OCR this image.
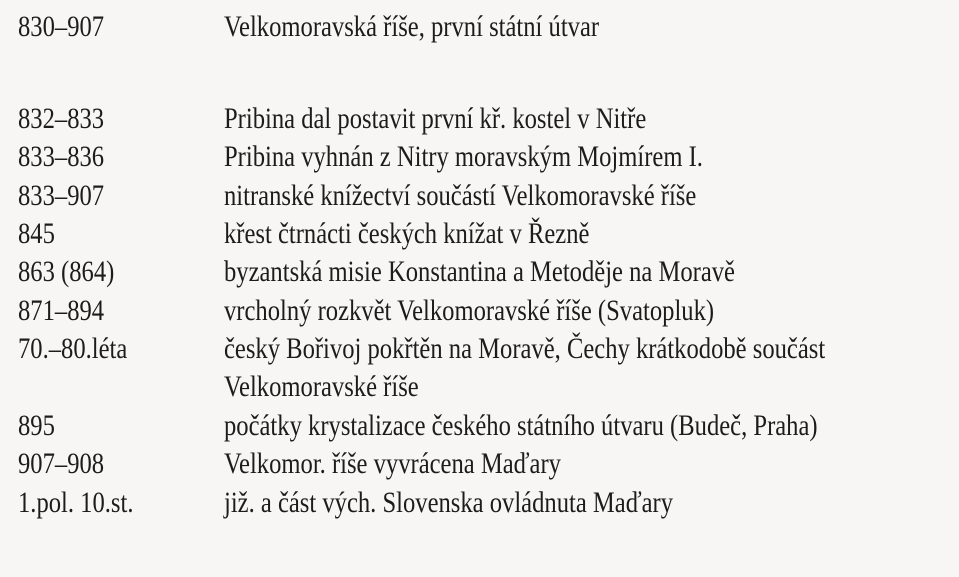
830–907	Velkomoravská říše, první státní útvar
832–833	Pribina dal postavit první kř. kostel v Nitře
833–836	Pribina vyhnán z Nitry moravským Mojmírem I.
833–907	nitranské knížectví součástí Velkomoravské říše
845	křest čtrnácti českých knížat v Řezně
863 (864)	byzantská misie Konstantina a Metoděje na Moravě
871–894	vrcholný rozkvět Velkomoravské říše (Svatopluk)
70.–80.léta	český Bořivoj pokřtěn na Moravě, Čechy krátkodobě součást
Velkomoravské říše
895	počátky krystalizace českého státního útvaru (Budeč, Praha)
907–908	Velkomor. říše vyvrácena Maďary
1.pol. 10.st.	již. a část vých. Slovenska ovládnuta Maďary
